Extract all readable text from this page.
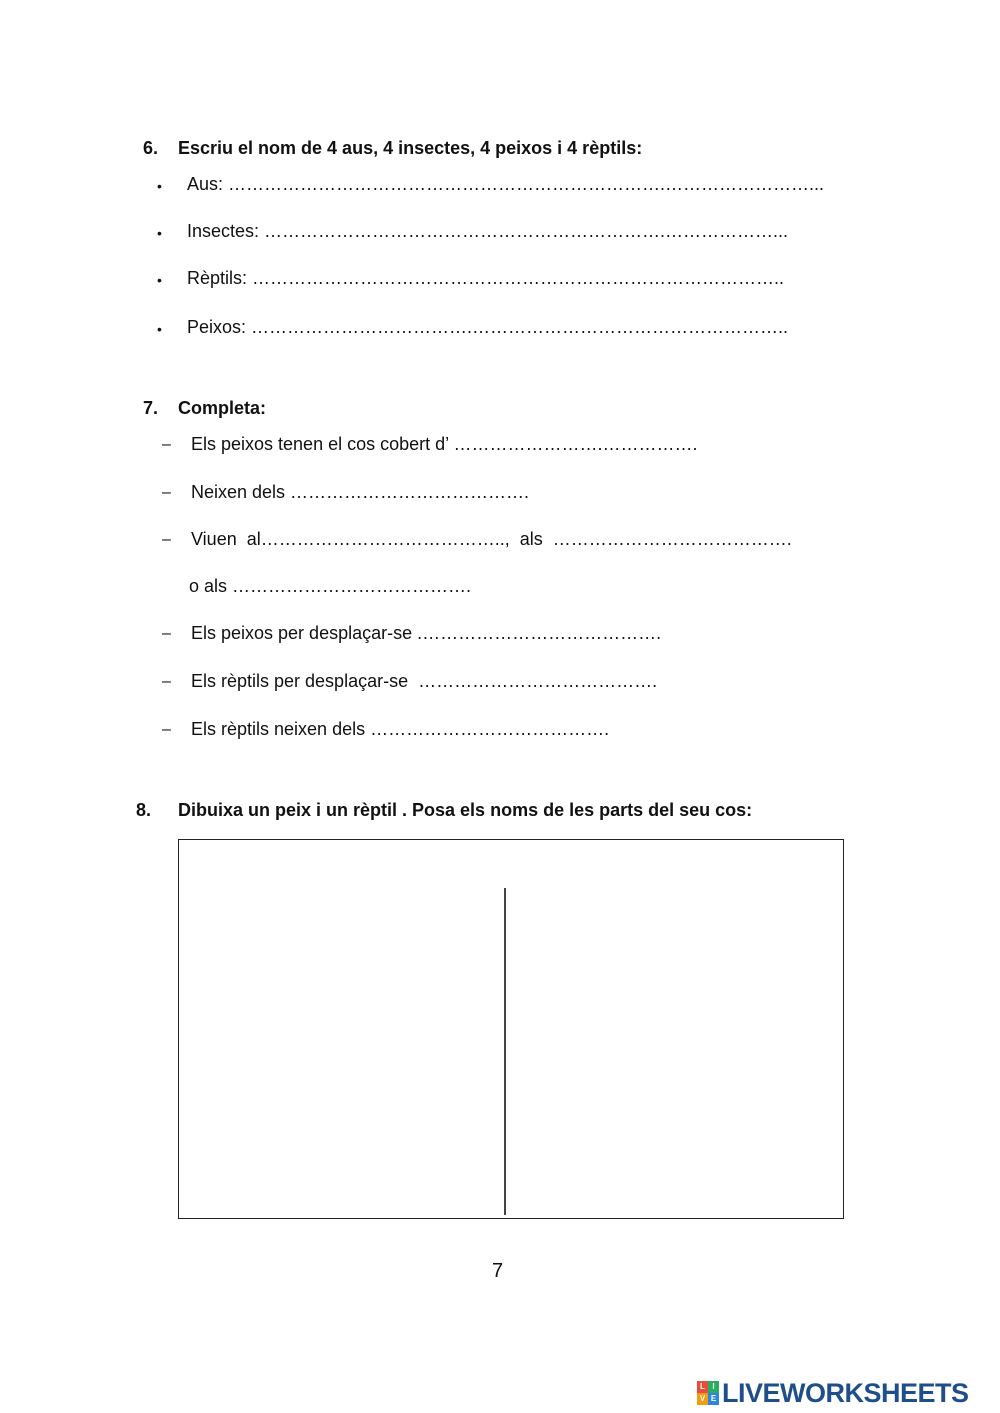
6. Escriu el nom de 4 aus, 4 insectes, 4 peixos i 4 rèptils:
• Aus: ……………………………………………………………….……………………...
• Insectes: ………………………………………………………….………………...
• Rèptils: ……………………………………………………………………………..
• Peixos: ……………………………….……………………………………………..
7. Completa:
– Els peixos tenen el cos cobert d’ …………………….…………….
– Neixen dels ………………………………….
– Viuen  al…………………………………..,  als  ………………………………….
o als ………………………………….
– Els peixos per desplaçar-se .………………………………….
– Els rèptils per desplaçar-se  ………………………………….
– Els rèptils neixen dels ………………………………….
8. Dibuixa un peix i un rèptil . Posa els noms de les parts del seu cos:
7
L I
V E LIVEWORKSHEETS
